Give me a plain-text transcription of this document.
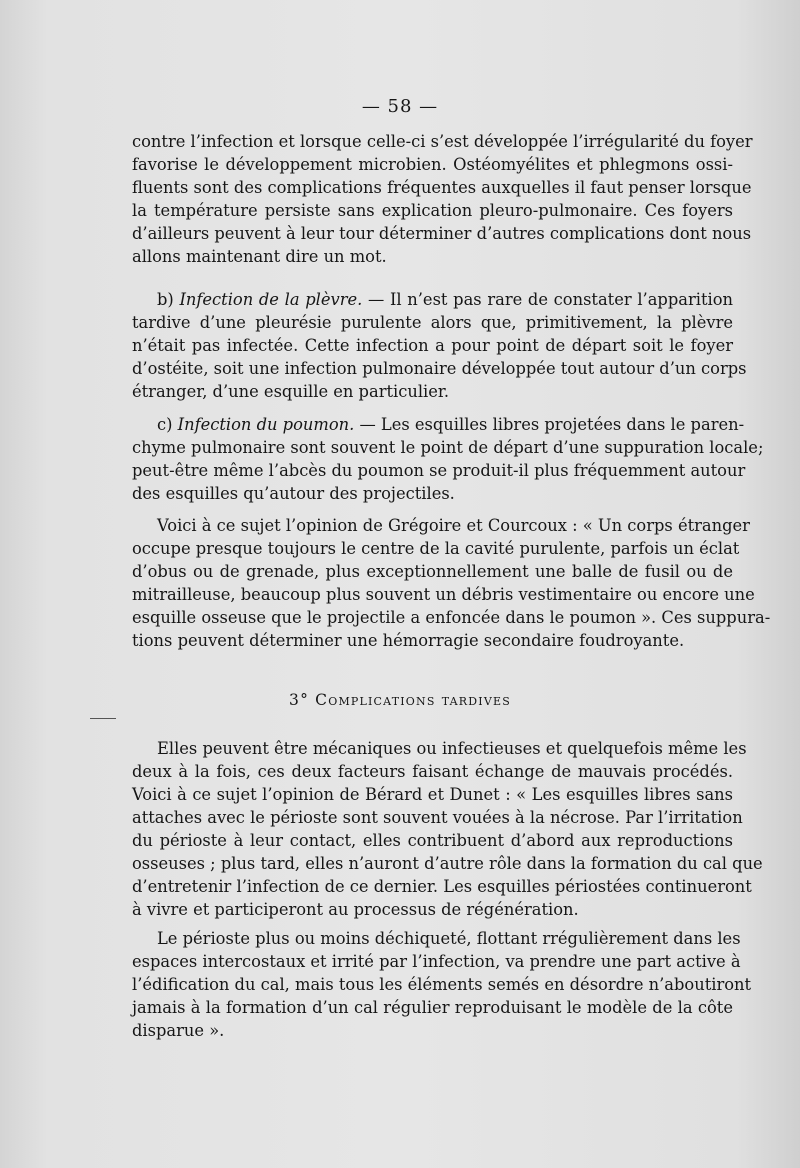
— 58 —
contre l’infection et lorsque celle-ci s’est développée l’irrégularité du foyer
favorise le développement microbien. Ostéomyélites et phlegmons ossi-
fluents sont des complications fréquentes auxquelles il faut penser lorsque
la température persiste sans explication pleuro-pulmonaire. Ces foyers
d’ailleurs peuvent à leur tour déterminer d’autres complications dont nous
allons maintenant dire un mot.
b) Infection de la plèvre. — Il n’est pas rare de constater l’apparition
tardive d’une pleurésie purulente alors que, primitivement, la plèvre
n’était pas infectée. Cette infection a pour point de départ soit le foyer
d’ostéite, soit une infection pulmonaire développée tout autour d’un corps
étranger, d’une esquille en particulier.
c) Infection du poumon. — Les esquilles libres projetées dans le paren-
chyme pulmonaire sont souvent le point de départ d’une suppuration locale;
peut-être même l’abcès du poumon se produit-il plus fréquemment autour
des esquilles qu’autour des projectiles.
Voici à ce sujet l’opinion de Grégoire et Courcoux : « Un corps étranger
occupe presque toujours le centre de la cavité purulente, parfois un éclat
d’obus ou de grenade, plus exceptionnellement une balle de fusil ou de
mitrailleuse, beaucoup plus souvent un débris vestimentaire ou encore une
esquille osseuse que le projectile a enfoncée dans le poumon ». Ces suppura-
tions peuvent déterminer une hémorragie secondaire foudroyante.
3° Complications tardives
Elles peuvent être mécaniques ou infectieuses et quelquefois même les
deux à la fois, ces deux facteurs faisant échange de mauvais procédés.
Voici à ce sujet l’opinion de Bérard et Dunet : « Les esquilles libres sans
attaches avec le périoste sont souvent vouées à la nécrose. Par l’irritation
du périoste à leur contact, elles contribuent d’abord aux reproductions
osseuses ; plus tard, elles n’auront d’autre rôle dans la formation du cal que
d’entretenir l’infection de ce dernier. Les esquilles périostées continueront
à vivre et participeront au processus de régénération.
Le périoste plus ou moins déchiqueté, flottant rrégulièrement dans les
espaces intercostaux et irrité par l’infection, va prendre une part active à
l’édification du cal, mais tous les éléments semés en désordre n’aboutiront
jamais à la formation d’un cal régulier reproduisant le modèle de la côte
disparue ».
